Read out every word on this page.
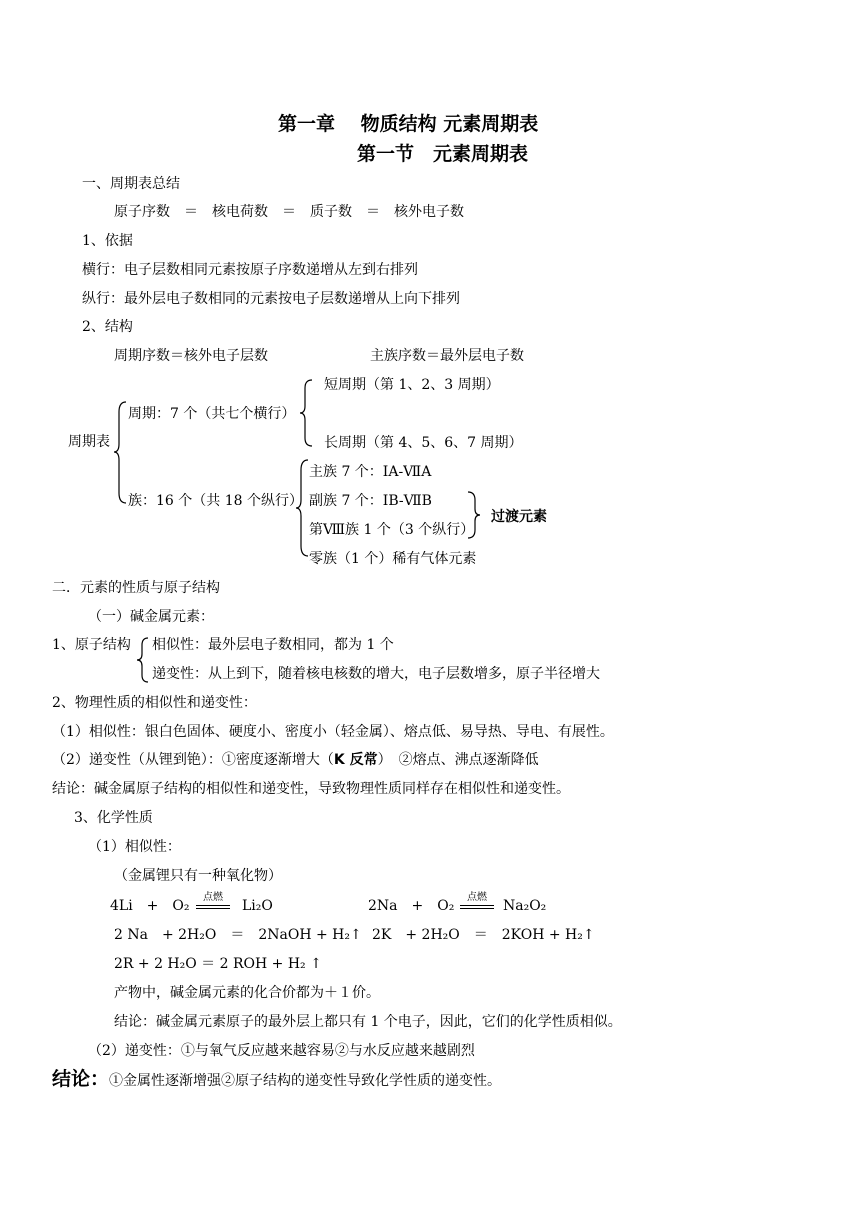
第一章　 物质结构 元素周期表
第一节　元素周期表
一、周期表总结
原子序数　＝　核电荷数　＝　质子数　＝　核外电子数
1、依据
横行：电子层数相同元素按原子序数递增从左到右排列
纵行：最外层电子数相同的元素按电子层数递增从上向下排列
2、结构
周期序数＝核外电子层数	主族序数＝最外层电子数
周期表
周期：7 个（共七个横行）
短周期（第 1、2、3 周期）
长周期（第 4、5、6、7 周期）
族：16 个（共 18 个纵行）
主族 7 个：ⅠA-ⅦA
副族 7 个：ⅠB-ⅦB
第Ⅷ族 1 个（3 个纵行）
零族（1 个）稀有气体元素
过渡元素
二．元素的性质与原子结构
（一）碱金属元素：
1、原子结构 相似性：最外层电子数相同，都为 1 个
递变性：从上到下，随着核电核数的增大，电子层数增多，原子半径增大
2、物理性质的相似性和递变性：
（1）相似性：银白色固体、硬度小、密度小（轻金属）、熔点低、易导热、导电、有展性。
（2）递变性（从锂到铯）：①密度逐渐增大（K 反常）　②熔点、沸点逐渐降低
结论：碱金属原子结构的相似性和递变性，导致物理性质同样存在相似性和递变性。
3、化学性质
（1）相似性：
（金属锂只有一种氧化物）
4Li　+　O₂
点燃
Li₂O	2Na　+　O₂
点燃
Na₂O₂
2 Na　+ 2H₂O　＝　2NaOH + H₂↑ 2K　+ 2H₂O　＝　2KOH + H₂↑
2R + 2 H₂O ＝ 2 ROH + H₂ ↑
产物中，碱金属元素的化合价都为＋１价。
结论：碱金属元素原子的最外层上都只有 1 个电子，因此，它们的化学性质相似。
（2）递变性：①与氧气反应越来越容易②与水反应越来越剧烈
结论：①金属性逐渐增强②原子结构的递变性导致化学性质的递变性。
